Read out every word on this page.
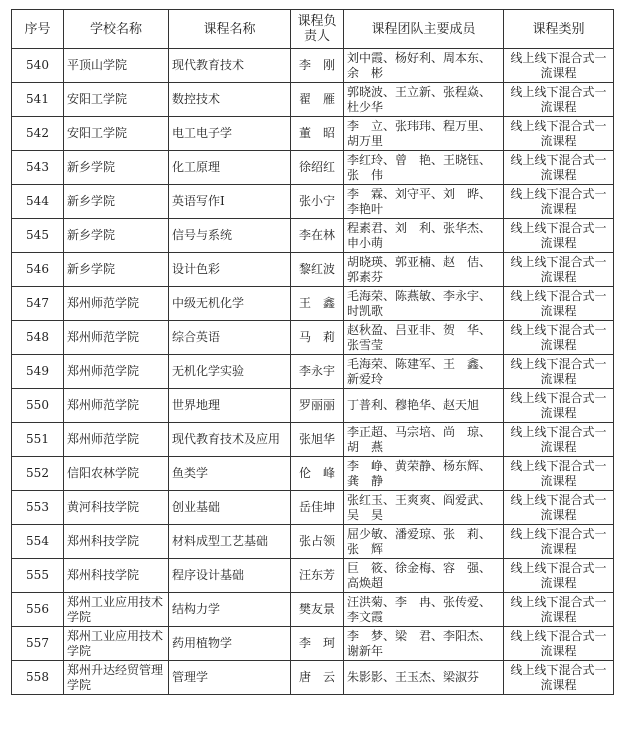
序号	学校名称	课程名称	课程负责人	课程团队主要成员	课程类别
540	平顶山学院	现代教育技术	李　刚	刘中霞、杨好利、周本东、余　彬	线上线下混合式一流课程
541	安阳工学院	数控技术	翟　雁	郭晓波、王立新、张程焱、杜少华	线上线下混合式一流课程
542	安阳工学院	电工电子学	董　昭	李　立、张玮玮、程万里、胡万里	线上线下混合式一流课程
543	新乡学院	化工原理	徐绍红	李红玲、曾　艳、王晓钰、张　伟	线上线下混合式一流课程
544	新乡学院	英语写作Ⅰ	张小宁	李　霖、刘守平、刘　晔、李艳叶	线上线下混合式一流课程
545	新乡学院	信号与系统	李在林	程素君、刘　利、张华杰、申小萌	线上线下混合式一流课程
546	新乡学院	设计色彩	黎红波	胡晓瑛、郭亚楠、赵　佶、郭素芬	线上线下混合式一流课程
547	郑州师范学院	中级无机化学	王　鑫	毛海荣、陈燕敏、李永宇、时凯歌	线上线下混合式一流课程
548	郑州师范学院	综合英语	马　莉	赵秋盈、吕亚非、贺　华、张雪莹	线上线下混合式一流课程
549	郑州师范学院	无机化学实验	李永宇	毛海荣、陈建军、王　鑫、新爱玲	线上线下混合式一流课程
550	郑州师范学院	世界地理	罗丽丽	丁普利、穆艳华、赵天旭	线上线下混合式一流课程
551	郑州师范学院	现代教育技术及应用	张旭华	李正超、马宗培、尚　琼、胡　燕	线上线下混合式一流课程
552	信阳农林学院	鱼类学	伦　峰	李　峥、黄荣静、杨东辉、龚　静	线上线下混合式一流课程
553	黄河科技学院	创业基础	岳佳坤	张红玉、王爽爽、阎爱武、吴　昊	线上线下混合式一流课程
554	郑州科技学院	材料成型工艺基础	张占领	屈少敏、潘爱琼、张　莉、张　辉	线上线下混合式一流课程
555	郑州科技学院	程序设计基础	汪东芳	巨　筱、徐金梅、容　强、高焕超	线上线下混合式一流课程
556	郑州工业应用技术学院	结构力学	樊友景	汪洪菊、李　冉、张传爱、李文霞	线上线下混合式一流课程
557	郑州工业应用技术学院	药用植物学	李　珂	李　梦、梁　君、李阳杰、谢新年	线上线下混合式一流课程
558	郑州升达经贸管理学院	管理学	唐　云	朱影影、王玉杰、梁淑芬	线上线下混合式一流课程
